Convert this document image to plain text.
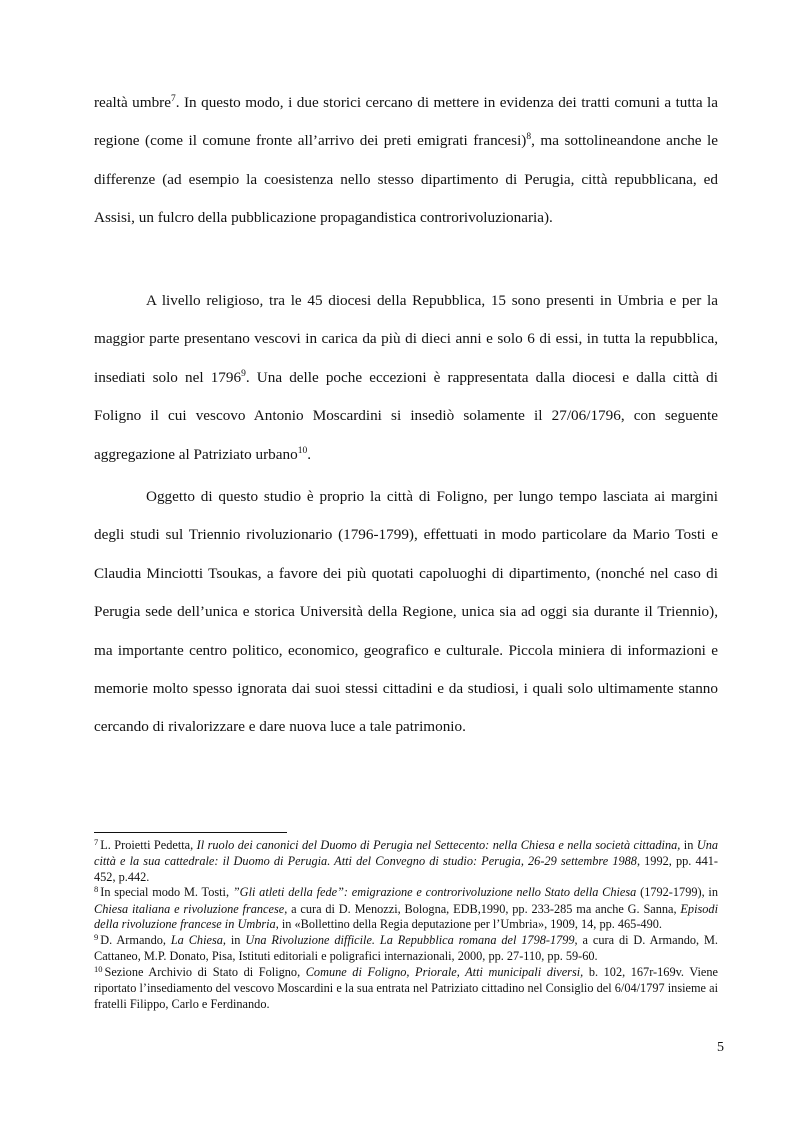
realtà umbre$^7$. In questo modo, i due storici cercano di mettere in evidenza dei tratti comuni a tutta la regione (come il comune fronte all’arrivo dei preti emigrati francesi)$^8$, ma sottolineandone anche le differenze (ad esempio la coesistenza nello stesso dipartimento di Perugia, città repubblicana, ed Assisi, un fulcro della pubblicazione propagandistica controrivoluzionaria).

A livello religioso, tra le 45 diocesi della Repubblica, 15 sono presenti in Umbria e per la maggior parte presentano vescovi in carica da più di dieci anni e solo 6 di essi, in tutta la repubblica, insediati solo nel 1796$^9$. Una delle poche eccezioni è rappresentata dalla diocesi e dalla città di Foligno il cui vescovo Antonio Moscardini si insediò solamente il 27/06/1796, con seguente aggregazione al Patriziato urbano$^{10}$.

Oggetto di questo studio è proprio la città di Foligno, per lungo tempo lasciata ai margini degli studi sul Triennio rivoluzionario (1796-1799), effettuati in modo particolare da Mario Tosti e Claudia Minciotti Tsoukas, a favore dei più quotati capoluoghi di dipartimento, (nonché nel caso di Perugia sede dell’unica e storica Università della Regione, unica sia ad oggi sia durante il Triennio), ma importante centro politico, economico, geografico e culturale. Piccola miniera di informazioni e memorie molto spesso ignorata dai suoi stessi cittadini e da studiosi, i quali solo ultimamente stanno cercando di rivalorizzare e dare nuova luce a tale patrimonio.

$^7$ L. Proietti Pedetta, Il ruolo dei canonici del Duomo di Perugia nel Settecento: nella Chiesa e nella società cittadina, in Una città e la sua cattedrale: il Duomo di Perugia. Atti del Convegno di studio: Perugia, 26-29 settembre 1988, 1992, pp. 441-452, p.442.

$^8$ In special modo M. Tosti, ”Gli atleti della fede”: emigrazione e controrivoluzione nello Stato della Chiesa (1792-1799), in Chiesa italiana e rivoluzione francese, a cura di D. Menozzi, Bologna, EDB,1990, pp. 233-285 ma anche G. Sanna, Episodi della rivoluzione francese in Umbria, in «Bollettino della Regia deputazione per l’Umbria», 1909, 14, pp. 465-490.

$^9$ D. Armando, La Chiesa, in Una Rivoluzione difficile. La Repubblica romana del 1798-1799, a cura di D. Armando, M. Cattaneo, M.P. Donato, Pisa, Istituti editoriali e poligrafici internazionali, 2000, pp. 27-110, pp. 59-60.

$^{10}$ Sezione Archivio di Stato di Foligno, Comune di Foligno, Priorale, Atti municipali diversi, b. 102, 167r-169v. Viene riportato l’insediamento del vescovo Moscardini e la sua entrata nel Patriziato cittadino nel Consiglio del 6/04/1797 insieme ai fratelli Filippo, Carlo e Ferdinando.

5
